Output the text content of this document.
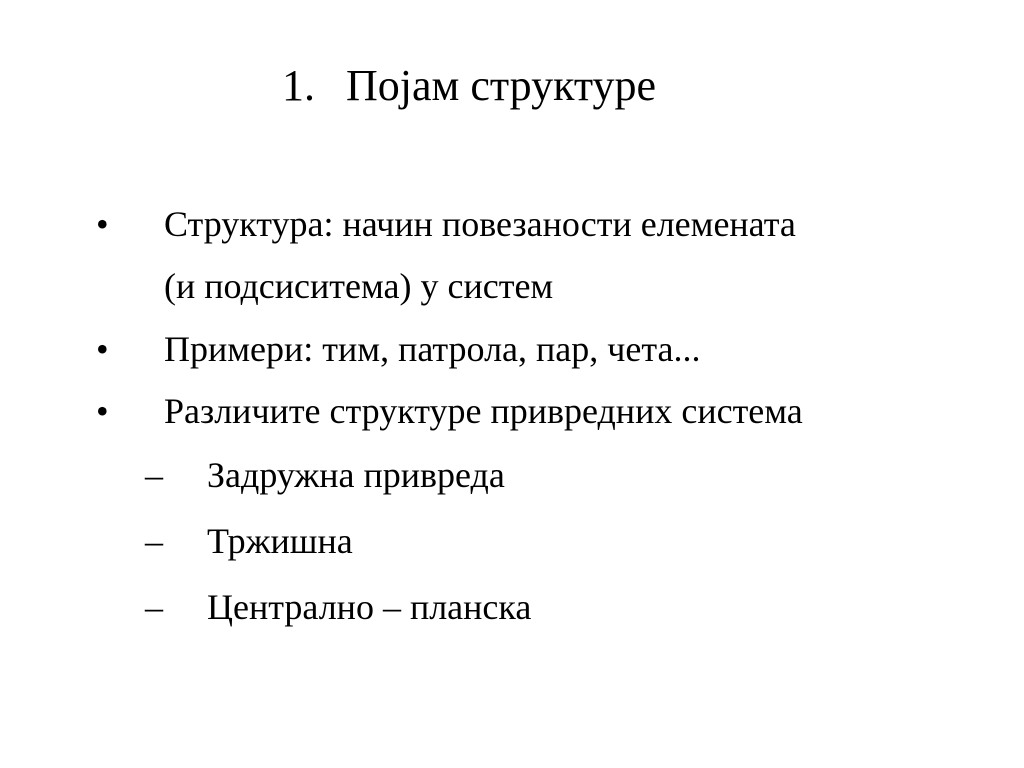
1. Појам структуре
• Структура: начин повезаности елемената
(и подсиситема) у систем
• Примери: тим, патрола, пар, чета...
• Различите структуре привредних система
– Задружна привреда
– Тржишна
– Централно – планска
